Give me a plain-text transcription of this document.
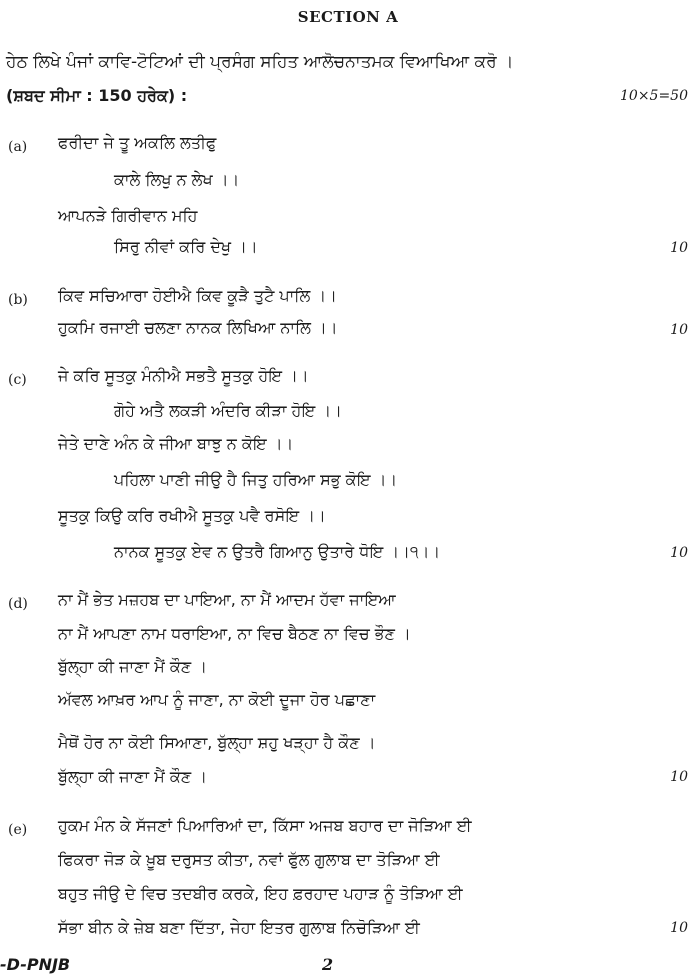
SECTION A
ਹੇਠ ਲਿਖੇ ਪੰਜਾਂ ਕਾਵਿ-ਟੋਟਿਆਂ ਦੀ ਪ੍ਰਸੰਗ ਸਹਿਤ ਆਲੋਚਨਾਤਮਕ ਵਿਆਖਿਆ ਕਰੋ ।
(ਸ਼ਬਦ ਸੀਮਾ : 150 ਹਰੇਕ) :	10×5=50
(a) ਫਰੀਦਾ ਜੇ ਤੂ ਅਕਲਿ ਲਤੀਫੁ
ਕਾਲੇ ਲਿਖੁ ਨ ਲੇਖ ।।
ਆਪਨੜੇ ਗਿਰੀਵਾਨ ਮਹਿ
ਸਿਰੁ ਨੀਵਾਂ ਕਰਿ ਦੇਖੁ ।।	10
(b) ਕਿਵ ਸਚਿਆਰਾ ਹੋਈਐ ਕਿਵ ਕੂੜੈ ਤੁਟੈ ਪਾਲਿ ।।
ਹੁਕਮਿ ਰਜਾਈ ਚਲਣਾ ਨਾਨਕ ਲਿਖਿਆ ਨਾਲਿ ।।	10
(c) ਜੇ ਕਰਿ ਸੂਤਕੁ ਮੰਨੀਐ ਸਭਤੈ ਸੂਤਕੁ ਹੋਇ ।।
ਗੋਹੇ ਅਤੈ ਲਕੜੀ ਅੰਦਰਿ ਕੀੜਾ ਹੋਇ ।।
ਜੇਤੇ ਦਾਣੇ ਅੰਨ ਕੇ ਜੀਆ ਬਾਝੁ ਨ ਕੋਇ ।।
ਪਹਿਲਾ ਪਾਣੀ ਜੀਉ ਹੈ ਜਿਤੁ ਹਰਿਆ ਸਭੁ ਕੋਇ ।।
ਸੂਤਕੁ ਕਿਉ ਕਰਿ ਰਖੀਐ ਸੂਤਕੁ ਪਵੈ ਰਸੋਇ ।।
ਨਾਨਕ ਸੂਤਕੁ ਏਵ ਨ ਉਤਰੈ ਗਿਆਨੁ ਉਤਾਰੇ ਧੋਇ ।।੧।।	10
(d) ਨਾ ਮੈਂ ਭੇਤ ਮਜ਼ਹਬ ਦਾ ਪਾਇਆ, ਨਾ ਮੈਂ ਆਦਮ ਹੱਵਾ ਜਾਇਆ
ਨਾ ਮੈਂ ਆਪਣਾ ਨਾਮ ਧਰਾਇਆ, ਨਾ ਵਿਚ ਬੈਠਣ ਨਾ ਵਿਚ ਭੌਣ ।
ਬੁੱਲ੍ਹਾ ਕੀ ਜਾਣਾ ਮੈਂ ਕੌਣ ।
ਅੱਵਲ ਆਖ਼ਰ ਆਪ ਨੂੰ ਜਾਣਾ, ਨਾ ਕੋਈ ਦੂਜਾ ਹੋਰ ਪਛਾਣਾ
ਮੈਥੋਂ ਹੋਰ ਨਾ ਕੋਈ ਸਿਆਣਾ, ਬੁੱਲ੍ਹਾ ਸ਼ਹੁ ਖੜ੍ਹਾ ਹੈ ਕੌਣ ।
ਬੁੱਲ੍ਹਾ ਕੀ ਜਾਣਾ ਮੈਂ ਕੌਣ ।	10
(e) ਹੁਕਮ ਮੰਨ ਕੇ ਸੱਜਣਾਂ ਪਿਆਰਿਆਂ ਦਾ, ਕਿੱਸਾ ਅਜਬ ਬਹਾਰ ਦਾ ਜੋੜਿਆ ਈ
ਫਿਕਰਾ ਜੋੜ ਕੇ ਖ਼ੂਬ ਦਰੁਸਤ ਕੀਤਾ, ਨਵਾਂ ਫੁੱਲ ਗੁਲਾਬ ਦਾ ਤੋੜਿਆ ਈ
ਬਹੁਤ ਜੀਉ ਦੇ ਵਿਚ ਤਦਬੀਰ ਕਰਕੇ, ਇਹ ਫ਼ਰਹਾਦ ਪਹਾੜ ਨੂੰ ਤੋੜਿਆ ਈ
ਸੱਭਾ ਬੀਨ ਕੇ ਜ਼ੇਬ ਬਣਾ ਦਿੱਤਾ, ਜੇਹਾ ਇਤਰ ਗੁਲਾਬ ਨਿਚੋੜਿਆ ਈ	10
-D-PNJB	2
